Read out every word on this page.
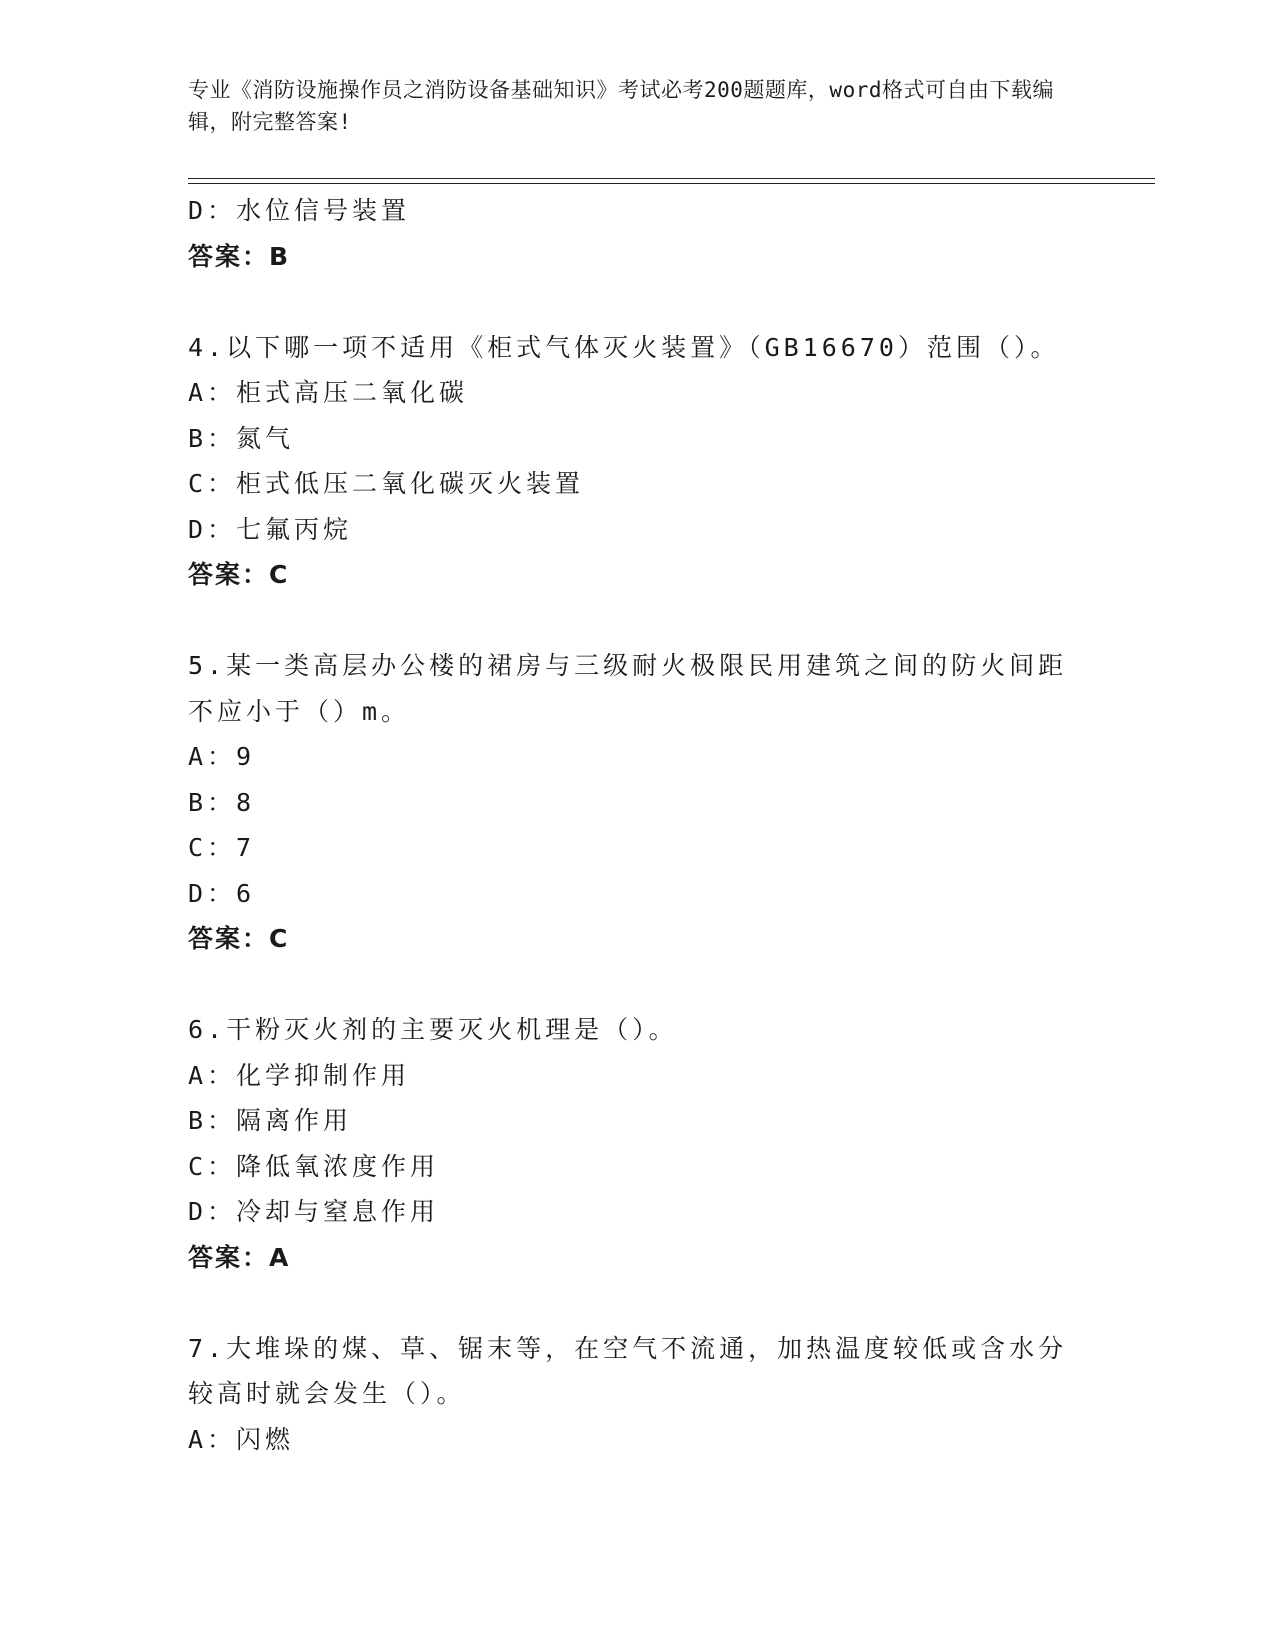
专业《消防设施操作员之消防设备基础知识》考试必考200题题库，word格式可自由下载编辑，附完整答案!
D：水位信号装置
答案：B
4.以下哪一项不适用《柜式气体灭火装置》（GB16670）范围（）。
A：柜式高压二氧化碳
B：氮气
C：柜式低压二氧化碳灭火装置
D：七氟丙烷
答案：C
5.某一类高层办公楼的裙房与三级耐火极限民用建筑之间的防火间距不应小于（）m。
A：9
B：8
C：7
D：6
答案：C
6.干粉灭火剂的主要灭火机理是（）。
A：化学抑制作用
B：隔离作用
C：降低氧浓度作用
D：冷却与窒息作用
答案：A
7.大堆垛的煤、草、锯末等，在空气不流通，加热温度较低或含水分较高时就会发生（）。
A：闪燃
